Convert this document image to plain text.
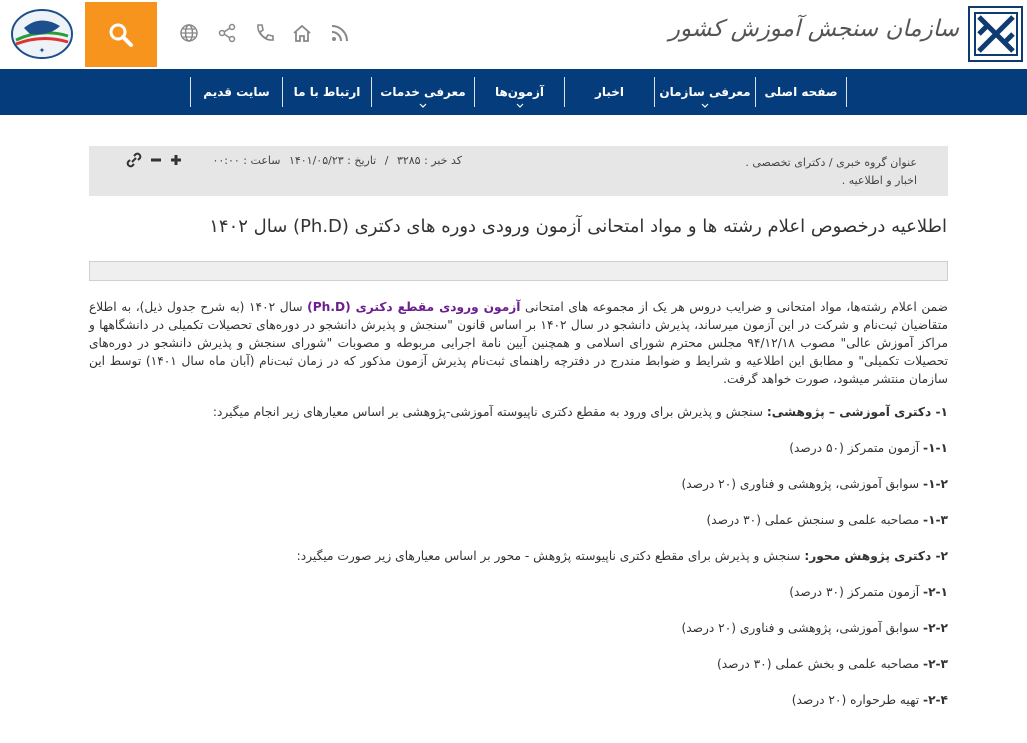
سازمان سنجش آموزش کشور
✦
صفحه اصلی
معرفی سازمان
اخبار
آزمون‌ها
معرفی خدمات
ارتباط با ما
سایت قدیم
عنوان گروه خبری / دکترای تخصصی . اخبار و اطلاعیه .
کد خبر : ۳۲۸۵ / تاریخ : ۱۴۰۱/۰۵/۲۳ ساعت : ۰۰:۰۰
اطلاعیه درخصوص اعلام رشته ها و مواد امتحانی آزمون ورودی دوره های دکتری (Ph.D) سال ۱۴۰۲

ضمن اعلام رشته‌ها، مواد امتحانی و ضرایب دروس هر یک از مجموعه های امتحانی آزمون ورودی مقطع دکتری (Ph.D) سال ۱۴۰۲ (به شرح جدول ذیل)، به اطلاع متقاضیان ثبت‌نام و شرکت در این آزمون میرساند، پذیرش دانشجو در سال ۱۴۰۲ بر اساس قانون "سنجش و پذیرش دانشجو در دوره‌های تحصیلات تکمیلی در دانشگاهها و مراکز آموزش عالی" مصوب ۹۴/۱۲/۱۸ مجلس محترم شورای اسلامی و همچنین آیین نامة اجرایی مربوطه و مصوبات "شورای سنجش و پذیرش دانشجو در دوره‌های تحصیلات تکمیلی" و مطابق این اطلاعیه و شرایط و ضوابط مندرج در دفترچه راهنمای ثبت‌نام پذیرش آزمون مذکور که در زمان ثبت‌نام (آبان ماه سال ۱۴۰۱) توسط این سازمان منتشر میشود، صورت خواهد گرفت.

۱- دکتری آموزشی – پژوهشی: سنجش و پذیرش برای ورود به مقطع دکتری ناپیوسته آموزشی-پژوهشی بر اساس معیارهای زیر انجام میگیرد:

۱-۱- آزمون متمرکز (۵۰ درصد)

۱-۲- سوابق آموزشی، پژوهشی و فناوری (۲۰ درصد)

۱-۳- مصاحبه علمی و سنجش عملی (۳۰ درصد)

۲- دکتری پژوهش محور: سنجش و پذیرش برای مقطع دکتری ناپیوسته پژوهش - محور بر اساس معیارهای زیر صورت میگیرد:

۲-۱- آزمون متمرکز (۳۰ درصد)

۲-۲- سوابق آموزشی، پژوهشی و فناوری (۲۰ درصد)

۲-۳- مصاحبه علمی و بخش عملی (۳۰ درصد)

۲-۴- تهیه طرحواره (۲۰ درصد)
